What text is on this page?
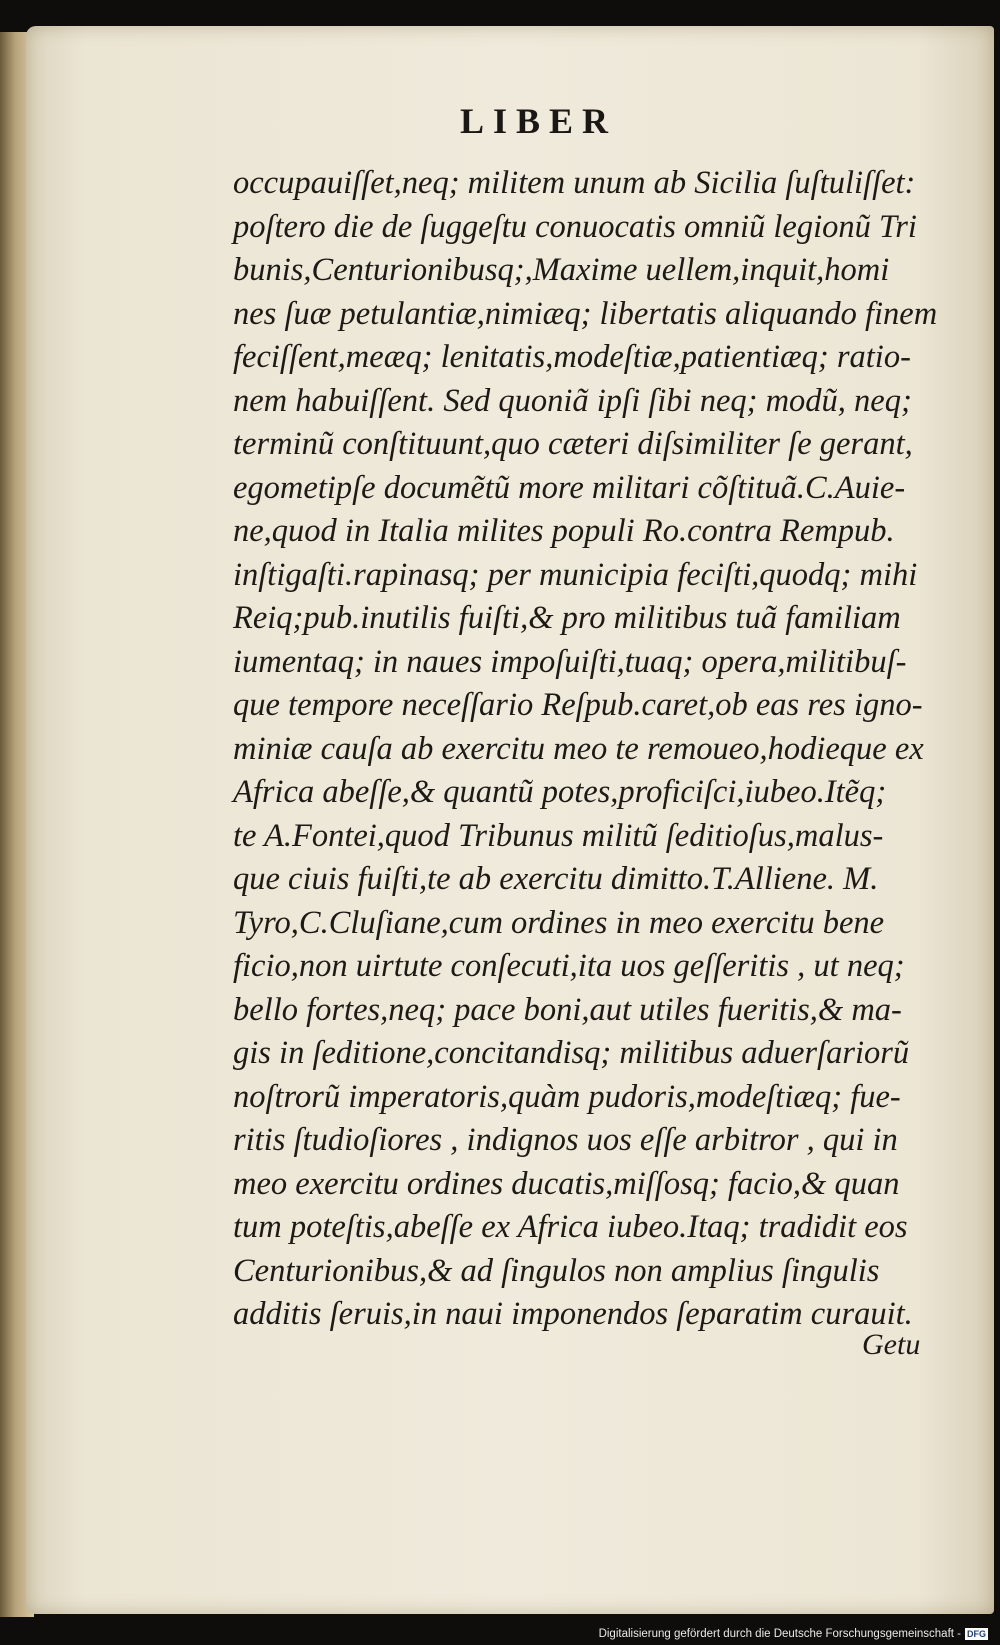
LIBER
occupauiſſet,neq; militem unum ab Sicilia ſuſtuliſſet:
poſtero die de ſuggeſtu conuocatis omniũ legionũ Tri
bunis,Centurionibusq;,Maxime uellem,inquit,homi
nes ſuæ petulantiæ,nimiæq; libertatis aliquando finem
feciſſent,meæq; lenitatis,modeſtiæ,patientiæq; ratio-
nem habuiſſent. Sed quoniã ipſi ſibi neq; modũ, neq;
terminũ conſtituunt,quo cæteri diſsimiliter ſe gerant,
egometipſe documẽtũ more militari cõſtituã.C.Auie-
ne,quod in Italia milites populi Ro.contra Rempub.
inſtigaſti.rapinasq; per municipia feciſti,quodq; mihi
Reiq;pub.inutilis fuiſti,& pro militibus tuã familiam
iumentaq; in naues impoſuiſti,tuaq; opera,militibuſ-
que tempore neceſſario Reſpub.caret,ob eas res igno-
miniæ cauſa ab exercitu meo te remoueo,hodieque ex
Africa abeſſe,& quantũ potes,proficiſci,iubeo.Itẽq;
te A.Fontei,quod Tribunus militũ ſeditioſus,malus-
que ciuis fuiſti,te ab exercitu dimitto.T.Alliene. M.
Tyro,C.Cluſiane,cum ordines in meo exercitu bene
ficio,non uirtute conſecuti,ita uos geſſeritis , ut neq;
bello fortes,neq; pace boni,aut utiles fueritis,& ma-
gis in ſeditione,concitandisq; militibus aduerſariorũ
noſtrorũ imperatoris,quàm pudoris,modeſtiæq; fue-
ritis ſtudioſiores , indignos uos eſſe arbitror , qui in
meo exercitu ordines ducatis,miſſosq; facio,& quan
tum poteſtis,abeſſe ex Africa iubeo.Itaq; tradidit eos
Centurionibus,& ad ſingulos non amplius ſingulis
additis ſeruis,in naui imponendos ſeparatim curauit.
Getu
Digitalisierung gefördert durch die Deutsche Forschungsgemeinschaft - DFG
